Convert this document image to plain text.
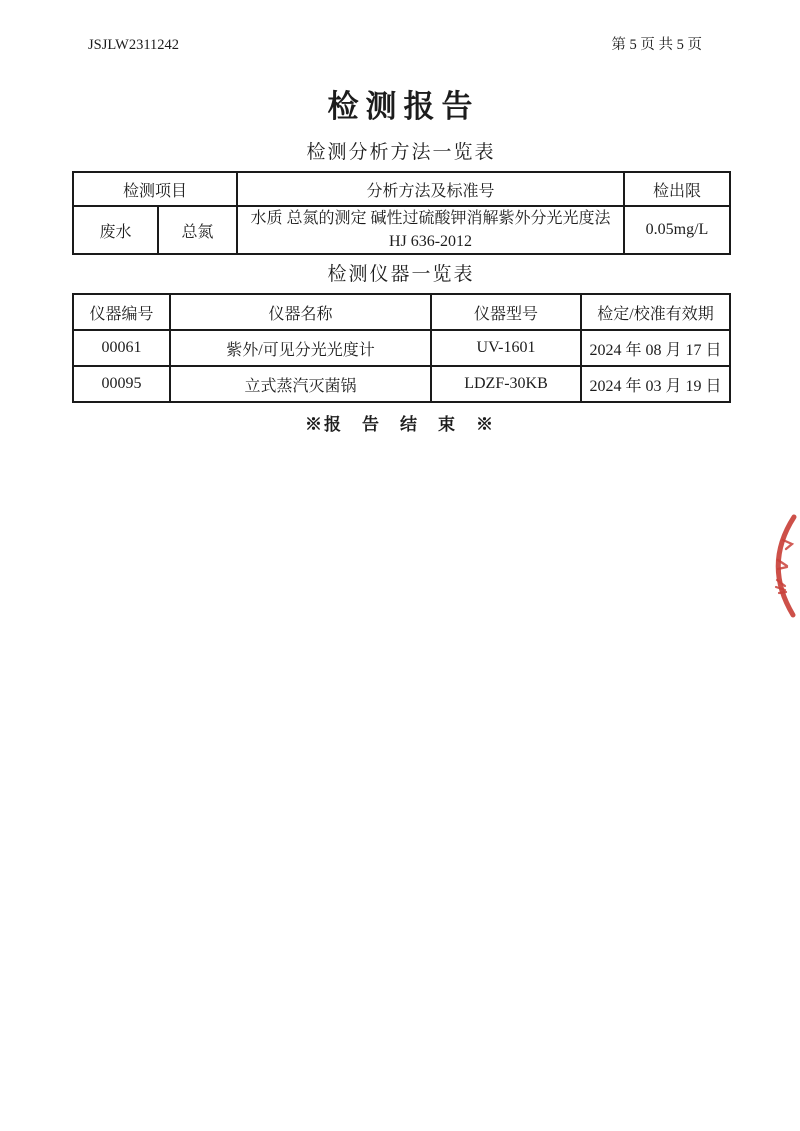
JSJLW2311242	第 5 页 共 5 页
检测报告
检测分析方法一览表
检测项目		分析方法及标准号	检出限
废水	总氮	水质 总氮的测定 碱性过硫酸钾消解紫外分光光度法 HJ 636-2012	0.05mg/L
检测仪器一览表
仪器编号	仪器名称	仪器型号	检定/校准有效期
00061	紫外/可见分光光度计	UV-1601	2024 年 08 月 17 日
00095	立式蒸汽灭菌锅	LDZF-30KB	2024 年 03 月 19 日
※报　告　结　束　※
